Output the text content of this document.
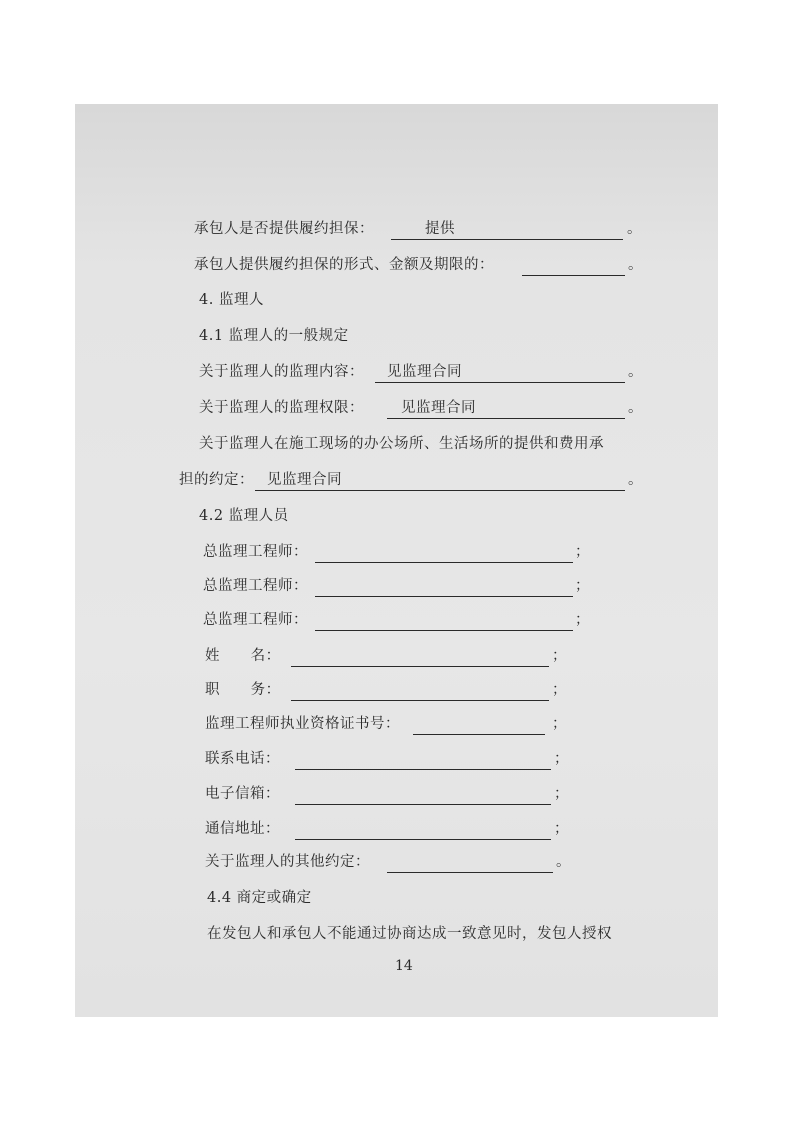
承包人是否提供履约担保：	提供	。
承包人提供履约担保的形式、金额及期限的：	。
4. 监理人
4.1 监理人的一般规定
关于监理人的监理内容： 见监理合同	。
关于监理人的监理权限：	见监理合同	。
关于监理人在施工现场的办公场所、生活场所的提供和费用承
担的约定： 见监理合同	。
4.2 监理人员
总监理工程师：	；
总监理工程师：	；
总监理工程师：	；
姓      名：	；
职      务：	；
监理工程师执业资格证书号：	；
联系电话：	；
电子信箱：	；
通信地址：	；
关于监理人的其他约定：	。
4.4 商定或确定
在发包人和承包人不能通过协商达成一致意见时，发包人授权
14
